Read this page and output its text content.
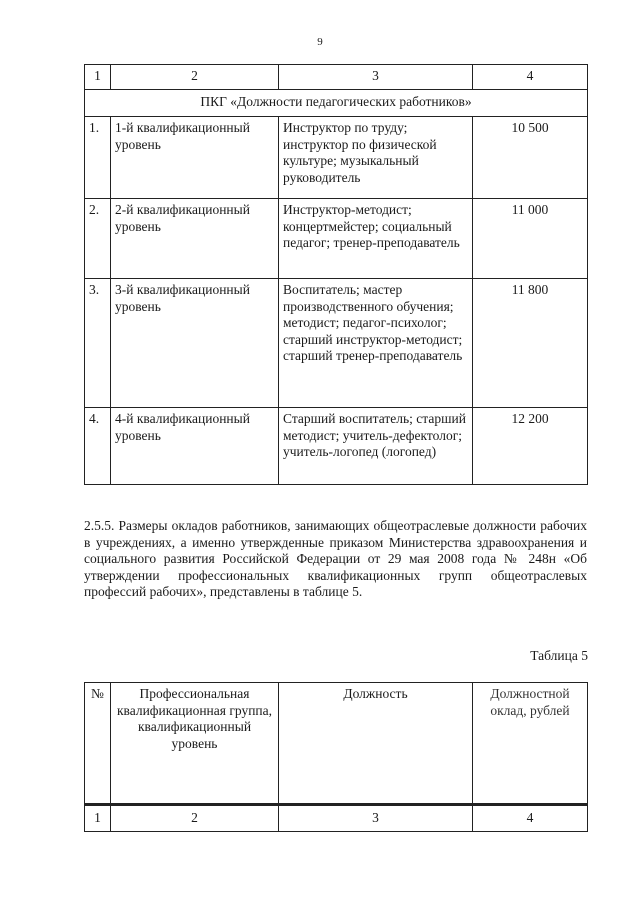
9
1	2	3	4
ПКГ «Должности педагогических работников»			
1.	1-й квалификационный уровень	Инструктор по труду; инструктор по физической культуре; музыкальный руководитель	10 500
2.	2-й квалификационный уровень	Инструктор-методист; концертмейстер; социальный педагог; тренер-преподаватель	11 000
3.	3-й квалификационный уровень	Воспитатель; мастер производственного обучения; методист; педагог-психолог; старший инструктор-методист; старший тренер-преподаватель	11 800
4.	4-й квалификационный уровень	Старший воспитатель; старший методист; учитель-дефектолог; учитель-логопед (логопед)	12 200

2.5.5. Размеры окладов работников, занимающих общеотраслевые должности рабочих в учреждениях, а именно утвержденные приказом Министерства здравоохранения и социального развития Российской Федерации от 29 мая 2008 года № 248н «Об утверждении профессиональных квалификационных групп общеотраслевых профессий рабочих», представлены в таблице 5.

Таблица 5
№	Профессиональная квалификационная группа, квалификационный уровень	Должность	Должностной оклад, рублей

1	2	3	4
